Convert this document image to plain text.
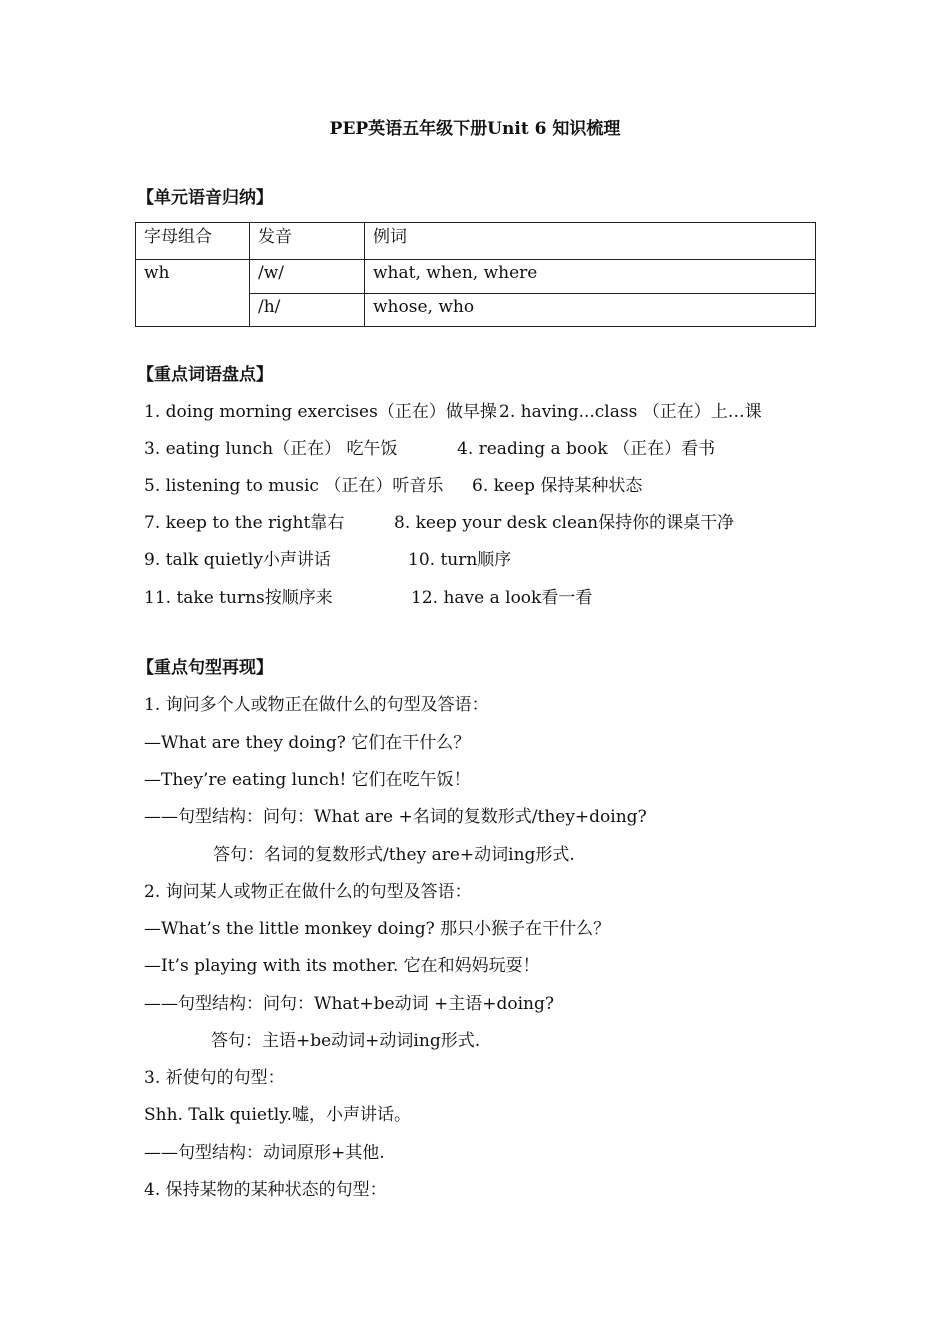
PEP英语五年级下册Unit 6 知识梳理
【单元语音归纳】
字母组合	发音	例词
wh	/w/	what, when, where
	/h/	whose, who
【重点词语盘点】
1. doing morning exercises（正在）做早操 2. having...class （正在）上…课
3. eating lunch（正在） 吃午饭	4. reading a book （正在）看书
5. listening to music （正在）听音乐 6. keep 保持某种状态
7. keep to the right靠右	8. keep your desk clean保持你的课桌干净
9. talk quietly小声讲话	10. turn顺序
11. take turns按顺序来	12. have a look看一看
【重点句型再现】
1. 询问多个人或物正在做什么的句型及答语：
—What are they doing? 它们在干什么？
—They’re eating lunch! 它们在吃午饭！
——句型结构：问句：What are +名词的复数形式/they+doing?
答句：名词的复数形式/they are+动词ing形式.
2. 询问某人或物正在做什么的句型及答语：
—What’s the little monkey doing? 那只小猴子在干什么？
—It’s playing with its mother. 它在和妈妈玩耍！
——句型结构：问句：What+be动词 +主语+doing?
答句：主语+be动词+动词ing形式.
3. 祈使句的句型：
Shh. Talk quietly.嘘，小声讲话。
——句型结构：动词原形+其他.
4. 保持某物的某种状态的句型：
